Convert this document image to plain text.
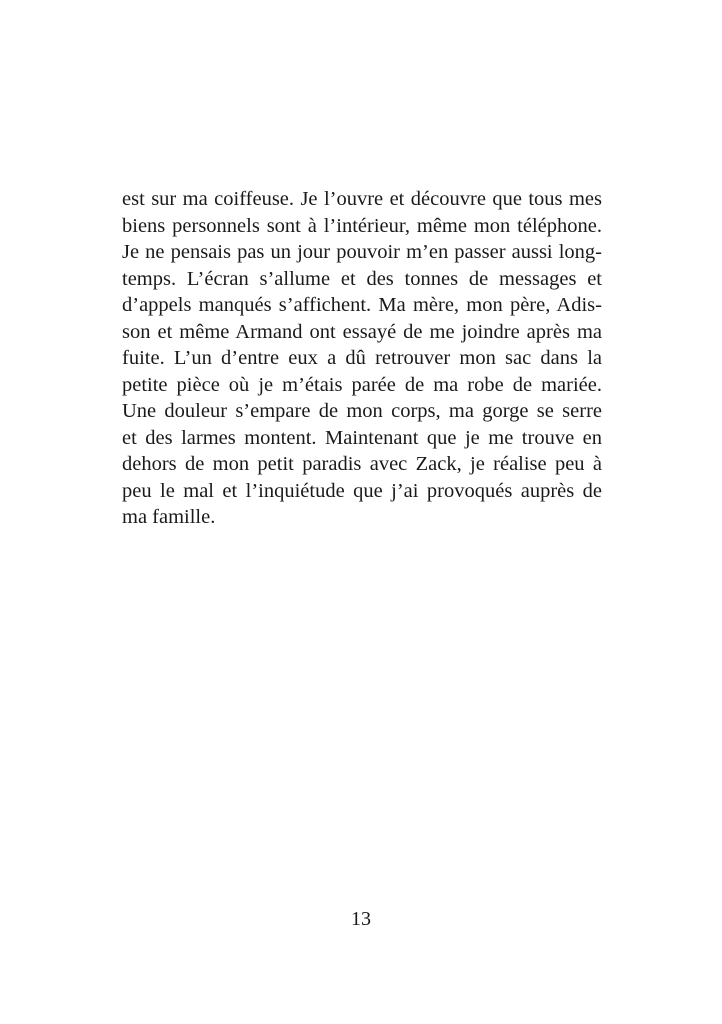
est sur ma coiffeuse. Je l’ouvre et découvre que tous mes
biens personnels sont à l’intérieur, même mon téléphone.
Je ne pensais pas un jour pouvoir m’en passer aussi long-
temps. L’écran s’allume et des tonnes de messages et
d’appels manqués s’affichent. Ma mère, mon père, Adis-
son et même Armand ont essayé de me joindre après ma
fuite. L’un d’entre eux a dû retrouver mon sac dans la
petite pièce où je m’étais parée de ma robe de mariée.
Une douleur s’empare de mon corps, ma gorge se serre
et des larmes montent. Maintenant que je me trouve en
dehors de mon petit paradis avec Zack, je réalise peu à
peu le mal et l’inquiétude que j’ai provoqués auprès de
ma famille.
13
